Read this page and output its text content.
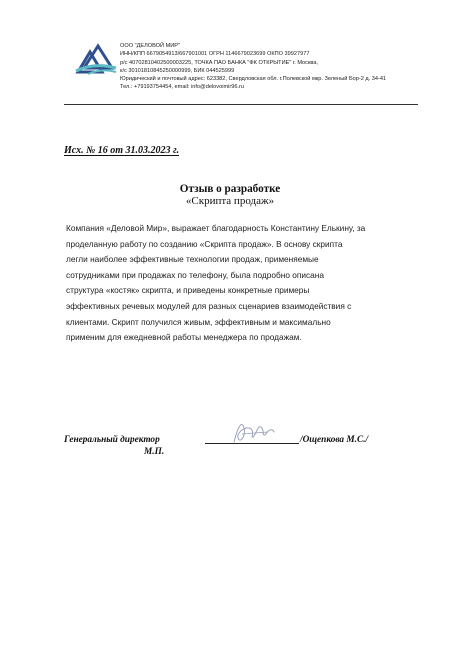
ООО "ДЕЛОВОЙ МИР"
ИНН/КПП 6679054913/667901001 ОГРН 1146679023699 ОКПО 39927977
р/с 40702810402500003225, ТОЧКА ПАО БАНКА "ФК ОТКРЫТИЕ" г. Москва,
к/с 30101810845250000999, БИК 044525999
Юридический и почтовый адрес: 623382, Свердловская обл. г.Полевской мкр. Зеленый Бор-2 д. 34-41
Тел.: +79193754454, email: info@delovoimir96.ru
Исх. № 16 от 31.03.2023 г.
Отзыв о разработке
«Скрипта продаж»
Компания «Деловой Мир», выражает благодарность Константину Елькину, за
проделанную работу по созданию «Скрипта продаж». В основу скрипта
легли наиболее эффективные технологии продаж, применяемые
сотрудниками при продажах по телефону, была подробно описана
структура «костяк» скрипта, и приведены конкретные примеры
эффективных речевых модулей для разных сценариев взаимодействия с
клиентами. Скрипт получился живым, эффективным и максимально
применим для ежедневной работы менеджера по продажам.
Генеральный директор
М.П.
/Ощепкова М.С./
